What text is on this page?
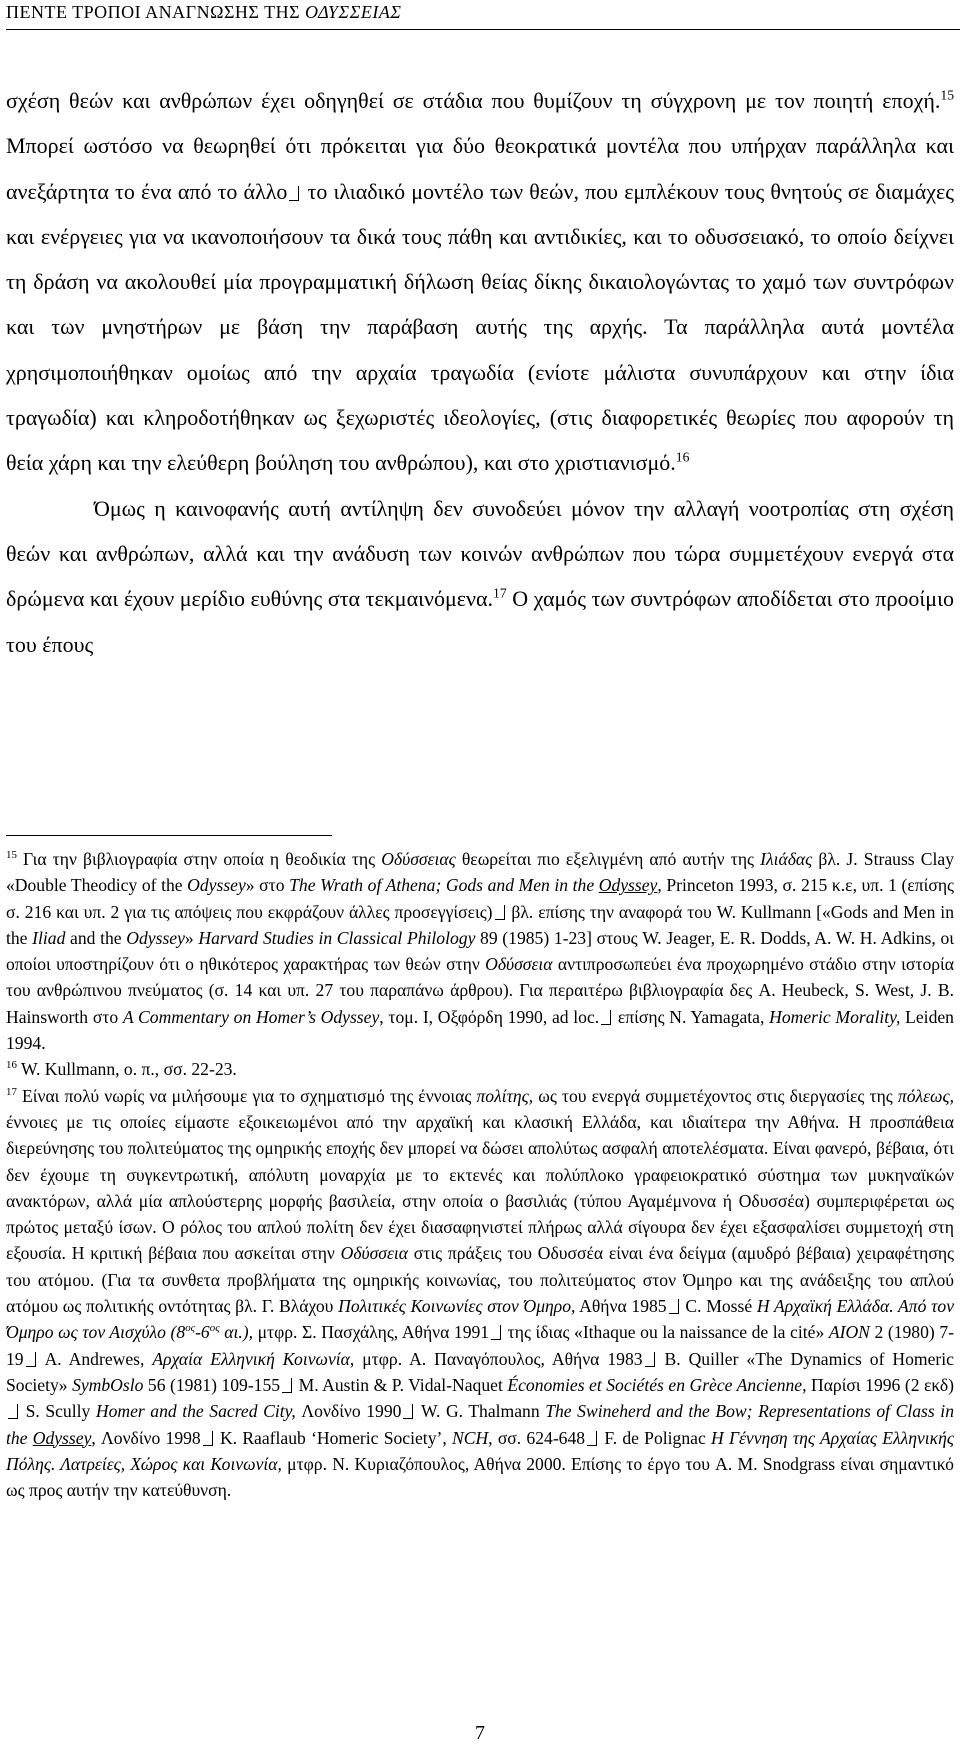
ΠΕΝΤΕ ΤΡΟΠΟΙ ΑΝΑΓΝΩΣΗΣ ΤΗΣ ΟΔΥΣΣΕΙΑΣ

σχέση θεών και ανθρώπων έχει οδηγηθεί σε στάδια που θυμίζουν τη σύγχρονη με τον ποιητή εποχή.$^{15}$ Μπορεί ωστόσο να θεωρηθεί ότι πρόκειται για δύο θεοκρατικά μοντέλα που υπήρχαν παράλληλα και ανεξάρτητα το ένα από το άλλο το ιλιαδικό μοντέλο των θεών, που εμπλέκουν τους θνητούς σε διαμάχες και ενέργειες για να ικανοποιήσουν τα δικά τους πάθη και αντιδικίες, και το οδυσσειακό, το οποίο δείχνει τη δράση να ακολουθεί μία προγραμματική δήλωση θείας δίκης δικαιολογώντας το χαμό των συντρόφων και των μνηστήρων με βάση την παράβαση αυτής της αρχής. Τα παράλληλα αυτά μοντέλα χρησιμοποιήθηκαν ομοίως από την αρχαία τραγωδία (ενίοτε μάλιστα συνυπάρχουν και στην ίδια τραγωδία) και κληροδοτήθηκαν ως ξεχωριστές ιδεολογίες, (στις διαφορετικές θεωρίες που αφορούν τη θεία χάρη και την ελεύθερη βούληση του ανθρώπου), και στο χριστιανισμό.$^{16}$

Όμως η καινοφανής αυτή αντίληψη δεν συνοδεύει μόνον την αλλαγή νοοτροπίας στη σχέση θεών και ανθρώπων, αλλά και την ανάδυση των κοινών ανθρώπων που τώρα συμμετέχουν ενεργά στα δρώμενα και έχουν μερίδιο ευθύνης στα τεκμαινόμενα.$^{17}$ Ο χαμός των συντρόφων αποδίδεται στο προοίμιο του έπους

$^{15}$ Για την βιβλιογραφία στην οποία η θεοδικία της Οδύσσειας θεωρείται πιο εξελιγμένη από αυτήν της Ιλιάδας βλ. J. Strauss Clay «Double Theodicy of the Odyssey» στο The Wrath of Athena; Gods and Men in the Odyssey, Princeton 1993, σ. 215 κ.ε, υπ. 1 (επίσης σ. 216 και υπ. 2 για τις απόψεις που εκφράζουν άλλες προσεγγίσεις) βλ. επίσης την αναφορά του W. Kullmann [«Gods and Men in the Iliad and the Odyssey» Harvard Studies in Classical Philology 89 (1985) 1-23] στους W. Jeager, E. R. Dodds, A. W. H. Adkins, οι οποίοι υποστηρίζουν ότι ο ηθικότερος χαρακτήρας των θεών στην Οδύσσεια αντιπροσωπεύει ένα προχωρημένο στάδιο στην ιστορία του ανθρώπινου πνεύματος (σ. 14 και υπ. 27 του παραπάνω άρθρου). Για περαιτέρω βιβλιογραφία δες A. Heubeck, S. West, J. B. Hainsworth στο A Commentary on Homer’s Odyssey, τομ. I, Οξφόρδη 1990, ad loc. επίσης N. Yamagata, Homeric Morality, Leiden 1994.

$^{16}$ W. Kullmann, ο. π., σσ. 22-23.

$^{17}$ Είναι πολύ νωρίς να μιλήσουμε για το σχηματισμό της έννοιας πολίτης, ως του ενεργά συμμετέχοντος στις διεργασίες της πόλεως, έννοιες με τις οποίες είμαστε εξοικειωμένοι από την αρχαϊκή και κλασική Ελλάδα, και ιδιαίτερα την Αθήνα. Η προσπάθεια διερεύνησης του πολιτεύματος της ομηρικής εποχής δεν μπορεί να δώσει απολύτως ασφαλή αποτελέσματα. Είναι φανερό, βέβαια, ότι δεν έχουμε τη συγκεντρωτική, απόλυτη μοναρχία με το εκτενές και πολύπλοκο γραφειοκρατικό σύστημα των μυκηναϊκών ανακτόρων, αλλά μία απλούστερης μορφής βασιλεία, στην οποία ο βασιλιάς (τύπου Αγαμέμνονα ή Οδυσσέα) συμπεριφέρεται ως πρώτος μεταξύ ίσων. Ο ρόλος του απλού πολίτη δεν έχει διασαφηνιστεί πλήρως αλλά σίγουρα δεν έχει εξασφαλίσει συμμετοχή στη εξουσία. Η κριτική βέβαια που ασκείται στην Οδύσσεια στις πράξεις του Οδυσσέα είναι ένα δείγμα (αμυδρό βέβαια) χειραφέτησης του ατόμου. (Για τα συνθετα προβλήματα της ομηρικής κοινωνίας, του πολιτεύματος στον Όμηρο και της ανάδειξης του απλού ατόμου ως πολιτικής οντότητας βλ. Γ. Βλάχου Πολιτικές Κοινωνίες στον Όμηρο, Αθήνα 1985 C. Mossé Η Αρχαϊκή Ελλάδα. Από τον Όμηρο ως τον Αισχύλο ($8^{o\varsigma}-6^{o\varsigma}$ αι.), μτφρ. Σ. Πασχάλης, Αθήνα 1991 της ίδιας «Ithaque ou la naissance de la cité» AION 2 (1980) 7-19 A. Andrewes, Αρχαία Ελληνική Κοινωνία, μτφρ. Α. Παναγόπουλος, Αθήνα 1983 B. Quiller «The Dynamics of Homeric Society» SymbOslo 56 (1981) 109-155 M. Austin & P. Vidal-Naquet Économies et Sociétés en Grèce Ancienne, Παρίσι 1996 (2 εκδ) S. Scully Homer and the Sacred City, Λονδίνο 1990 W. G. Thalmann The Swineherd and the Bow; Representations of Class in the Odyssey, Λονδίνο 1998 K. Raaflaub ‘Homeric Society’, NCH, σσ. 624-648 F. de Polignac Η Γέννηση της Αρχαίας Ελληνικής Πόλης. Λατρείες, Χώρος και Κοινωνία, μτφρ. Ν. Κυριαζόπουλος, Αθήνα 2000. Επίσης το έργο του A. M. Snodgrass είναι σημαντικό ως προς αυτήν την κατεύθυνση.

7
